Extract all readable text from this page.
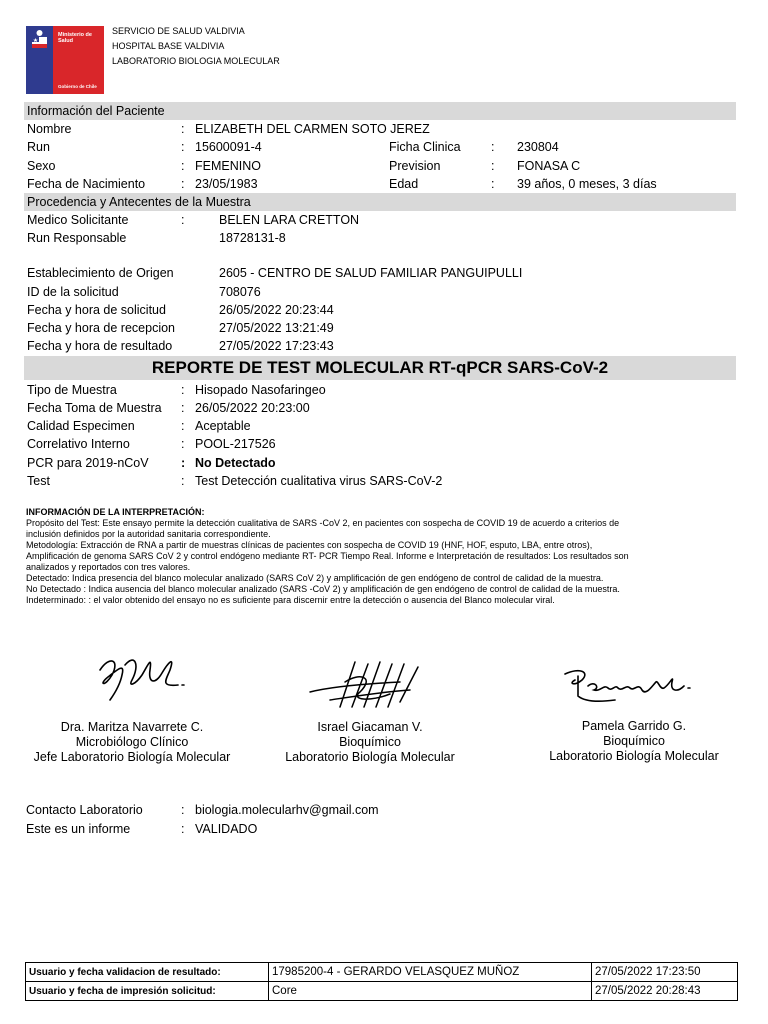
Ministerio de Salud
Gobierno de Chile
SERVICIO DE SALUD VALDIVIA
HOSPITAL BASE VALDIVIA
LABORATORIO BIOLOGIA MOLECULAR
Información del Paciente
Nombre	: ELIZABETH DEL CARMEN SOTO JEREZ
Run	: 15600091-4	Ficha Clinica : 230804
Sexo	: FEMENINO	Prevision	: FONASA C
Fecha de Nacimiento	: 23/05/1983	Edad	: 39 años, 0 meses, 3 días
Procedencia y Antecentes de la Muestra
Medico Solicitante	:	BELEN LARA CRETTON
Run Responsable	18728131-8
Establecimiento de Origen	2605 - CENTRO DE SALUD FAMILIAR PANGUIPULLI
ID de la solicitud	708076
Fecha y hora de solicitud	26/05/2022 20:23:44
Fecha y hora de recepcion	27/05/2022 13:21:49
Fecha y hora de resultado	27/05/2022 17:23:43
REPORTE DE TEST MOLECULAR RT-qPCR SARS-CoV-2
Tipo de Muestra	: Hisopado Nasofaringeo
Fecha Toma de Muestra : 26/05/2022 20:23:00
Calidad Especimen	: Aceptable
Correlativo Interno	: POOL-217526
PCR para 2019-nCoV	: No Detectado
Test	: Test Detección cualitativa virus SARS-CoV-2
INFORMACIÓN DE LA INTERPRETACIÓN:
Propósito del Test: Este ensayo permite la detección cualitativa de SARS -CoV 2, en pacientes con sospecha de COVID 19 de acuerdo a criterios de
inclusión definidos por la autoridad sanitaria correspondiente.
Metodología: Extracción de RNA a partir de muestras clínicas de pacientes con sospecha de COVID 19 (HNF, HOF, esputo, LBA, entre otros),
Amplificación de genoma SARS CoV 2 y control endógeno mediante RT- PCR Tiempo Real. Informe e Interpretación de resultados: Los resultados son
analizados y reportados con tres valores.
Detectado: Indica presencia del blanco molecular analizado (SARS CoV 2) y amplificación de gen endógeno de control de calidad de la muestra.
No Detectado : Indica ausencia del blanco molecular analizado (SARS -CoV 2) y amplificación de gen endógeno de control de calidad de la muestra.
Indeterminado: : el valor obtenido del ensayo no es suficiente para discernir entre la detección o ausencia del Blanco molecular viral.
Dra. Maritza Navarrete C.
Microbiólogo Clínico
Jefe Laboratorio Biología Molecular
Israel Giacaman V.
Bioquímico
Laboratorio Biología Molecular
Pamela Garrido G.
Bioquímico
Laboratorio Biología Molecular
Contacto Laboratorio	: biologia.molecularhv@gmail.com
Este es un informe	: VALIDADO
Usuario y fecha validacion de resultado:	17985200-4 - GERARDO VELASQUEZ MUÑOZ	27/05/2022 17:23:50
Usuario y fecha de impresión solicitud:	Core	27/05/2022 20:28:43
